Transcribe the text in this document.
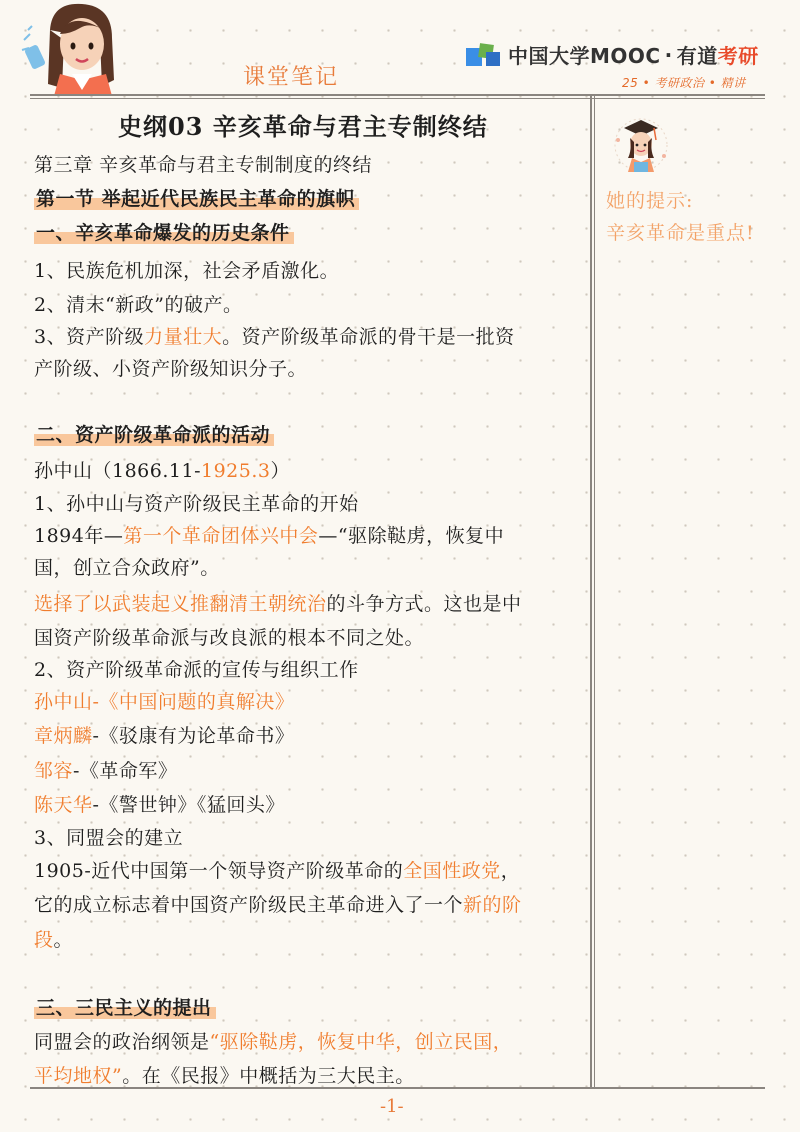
课堂笔记
中国大学MOOC · 有道 考研
25 • 考研政治 • 精讲
史纲03 辛亥革命与君主专制终结
她的提示:
辛亥革命是重点!
第三章 辛亥革命与君主专制制度的终结
第一节 举起近代民族民主革命的旗帜
一、辛亥革命爆发的历史条件
1、民族危机加深，社会矛盾激化。
2、清末“新政”的破产。
3、资产阶级力量壮大。资产阶级革命派的骨干是一批资
产阶级、小资产阶级知识分子。
二、资产阶级革命派的活动
孙中山（1866.11-1925.3）
1、孙中山与资产阶级民主革命的开始
1894年—第一个革命团体兴中会—“驱除鞑虏，恢复中
国，创立合众政府”。
选择了以武装起义推翻清王朝统治的斗争方式。这也是中
国资产阶级革命派与改良派的根本不同之处。
2、资产阶级革命派的宣传与组织工作
孙中山-《中国问题的真解决》
章炳麟-《驳康有为论革命书》
邹容-《革命军》
陈天华-《警世钟》《猛回头》
3、同盟会的建立
1905-近代中国第一个领导资产阶级革命的全国性政党，
它的成立标志着中国资产阶级民主革命进入了一个新的阶
段。
三、三民主义的提出
同盟会的政治纲领是“驱除鞑虏，恢复中华，创立民国，
平均地权”。在《民报》中概括为三大民主。
-1-
